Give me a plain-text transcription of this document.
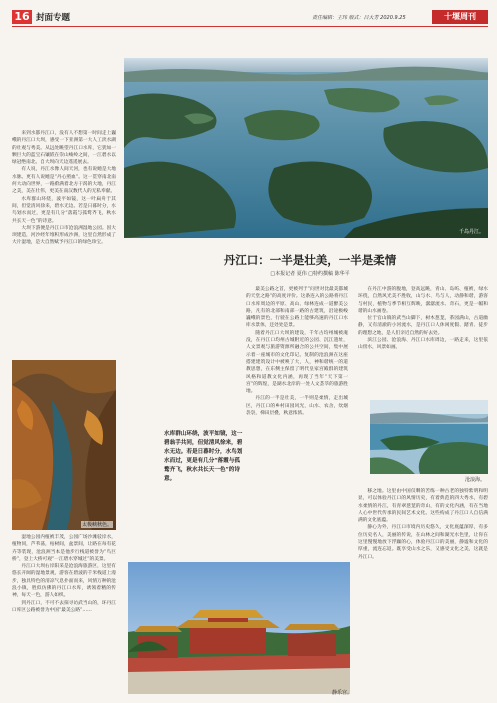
16 封面专题	责任编辑：王玮 版式：吕大芳 2020.9.25	十堰周刊
千岛丹江。

来到水都丹江口，没有人不想第一时间走上巍峨的丹江口大坝，感受一下亚洲第一大人工淡水湖的壮观与秀美。从远处眺望丹江口水库，它犹如一颗巨大的蓝宝石镶嵌在崇山峻岭之间，一江碧水以绿冠绝南北。自大坝向天边遥遥展去。

有人说，丹江水像人间天河，也有说她是大地水脉。更有人说她是“丹心照血”。这一贯穿南北南何大动向世界，一路蔚满着北方干渴的大地，丹江之美，美在壮伟，更美在南汉数代人的无私奉献。

水库群山环绕，波平如镜，这一叶扁舟于其间，但觉清风徐来，碧水无边。若是日暮时分，水鸟划水而过，更是有几分“落霞与孤鹜齐飞，秋水共长天一色”的诗意。

大坝下游便是丹江口市沧浪洲湿地公园。因大坝建造，河沙经年堆积形成沙洲，这里自然形成了大片湿地，是大自然赋予丹江口的绿色珍宝。

太极峡秋色。

湿地公园内植被丰茂，公园广场沙滩驳岸水，植物同，芦苇荡，枯树间，盆景间，让路在每有花卉等装现，沧浪洲当本是他步行栈道被誉为“鸟巨桥”，登上大桥可观“一江碧水穿城过”的美景。

丹江口大坝右岸阳采是沧浪海旅游区，这里有悠长开阔的湿地景观，游客在碧波的千米栈道上漫步，独具特色的清凉气息扑面而来，风情万种的沧浪小镇，胜似仿佛的丹江口水库，诱领着精的传神，每天一色，游人如织。

到丹江口，不可不去探寻访武当山的，环丹江口库区公路被誉为中国“最美公路”……

丹江口：一半是壮美，一半是柔情
□本报记者 夏伟 □特约撰稿 陈华平
水库群山环绕，波平如镜，这一碧翁手共同，但觉清风徐来，碧水无边。若是日暮时分，水鸟划水而过，更是有几分“落霞与孤鹜齐飞，秋水共长天一色”的诗意。

最美公路之首，更被列于“问世对比最美都城的天堂之路”的高度评价。这条连入的公路将丹江口水库周边的平原、高山、绿林连成一道醉美公路，凡有的北部和南部一路的古建筑，沿途极峻巍峨的景色，行驶在公路上能够高速的丹江口水库水景体，还处处是景。

随着丹江口大坝的建设，千年古均州城被淹没，在丹江口均州古城附近的公园、沉江遗址，人文景观与旅游资源所融合的公共空间，集中展示着一座城市的文化印记。复制的沧浪洲在这座搭建建筑设计中被唤了大，人，神和谐统一的道教思想，在东侧主保留了明代皇家宫殿群的建筑风格和道教文化内涵，再现了当年“天下第一宫”的辉煌，是湖水北岸的一处人文荟萃的旅游胜地。

丹江的一半是壮美，一半则是柔情，走出城区，丹江口的乡村田园风光，山水、农舍，炊烟袅袅，梯田层叠，秋意浓浓。

在丹江中游的腹地，登高远眺，青山、岛屿、植被，绿水环绕，自然风光美不胜收，山与水、鸟与人，动静和谐，游客与村民，植物与季节相互辉映，潺潺流水、奇石，更是一幅和谐的山水画卷。

位于官山镇的武当山脚下，树木葱茏，茶园满山，古道幽静，又有清澈的小河流水，是丹江口人休闲度假、踏青、徒步的理想之地，是人们亲近自然的好去处。

滨江公园、沧浪海、丹江口水库周边，一路走来，这里依山傍水，风景如画。

沧浪海。

移之地。这里由中国仅剩的苦练一种古老的独特紫明和明显，可以体验丹江口的风情历史，有着典范的四大秀水，有碧水柔情的丹江，有青翠葱茏的奇山，有的文化内涵，有在当地人心中世代传承的民间艺术文化。这些构成了丹江口人自信满满的文化底蕴。

静心为外，丹江口市境内历史悠久，文化底蕴深厚，有多位历史名人，美丽的传说，在山林之间和湖光水色里，让你在这里慢慢地放下浮躁的心，体验丹江口的美丽，静谧和文化的厚重，流连忘返。既享受山水之乐，又感受文化之美，这就是丹江口。

静乐宫。
